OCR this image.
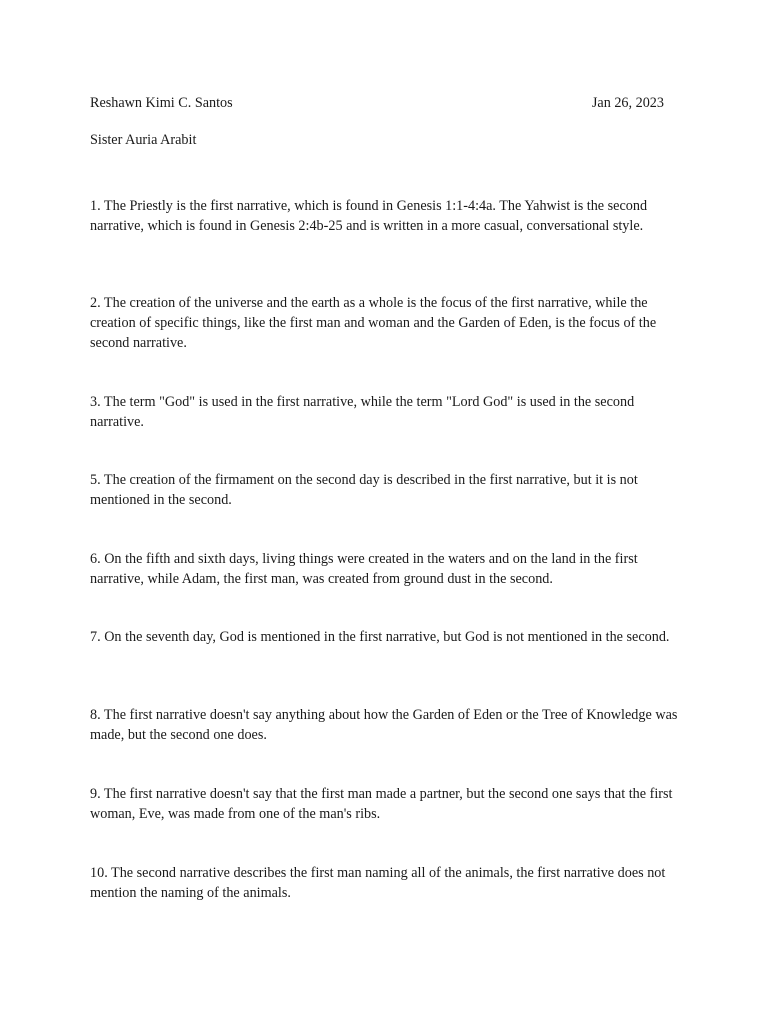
Reshawn Kimi C. Santos	Jan 26, 2023
Sister Auria Arabit

1. The Priestly is the first narrative, which is found in Genesis 1:1-4:4a. The Yahwist is the second narrative, which is found in Genesis 2:4b-25 and is written in a more casual, conversational style.

2. The creation of the universe and the earth as a whole is the focus of the first narrative, while the creation of specific things, like the first man and woman and the Garden of Eden, is the focus of the second narrative.

3. The term "God" is used in the first narrative, while the term "Lord God" is used in the second narrative.

5. The creation of the firmament on the second day is described in the first narrative, but it is not mentioned in the second.

6. On the fifth and sixth days, living things were created in the waters and on the land in the first narrative, while Adam, the first man, was created from ground dust in the second.

7. On the seventh day, God is mentioned in the first narrative, but God is not mentioned in the second.

8. The first narrative doesn't say anything about how the Garden of Eden or the Tree of Knowledge was made, but the second one does.

9. The first narrative doesn't say that the first man made a partner, but the second one says that the first woman, Eve, was made from one of the man's ribs.

10. The second narrative describes the first man naming all of the animals, the first narrative does not mention the naming of the animals.
